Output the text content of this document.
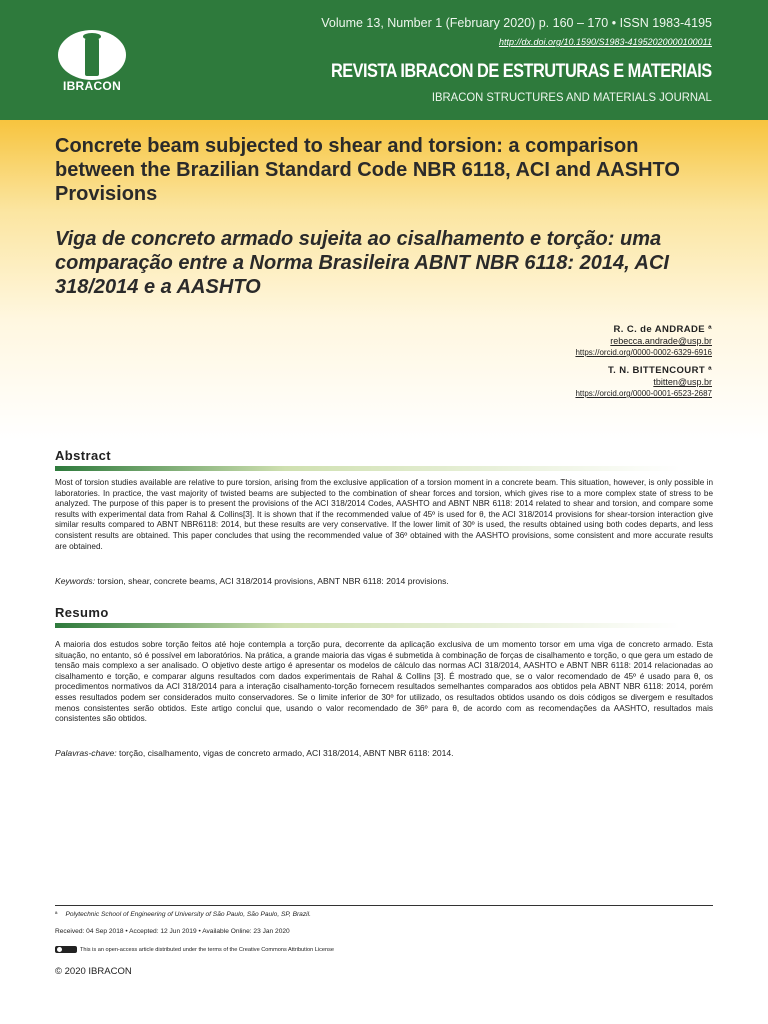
IBRACON
Volume 13, Number 1 (February 2020) p. 160 – 170 • ISSN 1983-4195
http://dx.doi.org/10.1590/S1983-41952020000100011
REVISTA IBRACON DE ESTRUTURAS E MATERIAIS
IBRACON STRUCTURES AND MATERIALS JOURNAL
Concrete beam subjected to shear and torsion: a comparison between the Brazilian Standard Code NBR 6118, ACI and AASHTO Provisions
Viga de concreto armado sujeita ao cisalhamento e torção: uma comparação entre a Norma Brasileira ABNT NBR 6118: 2014, ACI 318/2014 e a AASHTO
R. C. de ANDRADE ª
rebecca.andrade@usp.br
https://orcid.org/0000-0002-6329-6916
T. N. BITTENCOURT ª
tbitten@usp.br
https://orcid.org/0000-0001-6523-2687
Abstract

Most of torsion studies available are relative to pure torsion, arising from the exclusive application of a torsion moment in a concrete beam. This situation, however, is only possible in laboratories. In practice, the vast majority of twisted beams are subjected to the combination of shear forces and torsion, which gives rise to a more complex state of stress to be analyzed. The purpose of this paper is to present the provisions of the ACI 318/2014 Codes, AASHTO and ABNT NBR 6118: 2014 related to shear and torsion, and compare some results with experimental data from Rahal & Collins[3]. It is shown that if the recommended value of 45º is used for θ, the ACI 318/2014 provisions for shear-torsion interaction give similar results compared to ABNT NBR6118: 2014, but these results are very conservative. If the lower limit of 30º is used, the results obtained using both codes departs, and less consistent results are obtained. This paper concludes that using the recommended value of 36º obtained with the AASHTO provisions, some consistent and more accurate results are obtained.

Keywords: torsion, shear, concrete beams, ACI 318/2014 provisions, ABNT NBR 6118: 2014 provisions.
Resumo

A maioria dos estudos sobre torção feitos até hoje contempla a torção pura, decorrente da aplicação exclusiva de um momento torsor em uma viga de concreto armado. Esta situação, no entanto, só é possível em laboratórios. Na prática, a grande maioria das vigas é submetida à combinação de forças de cisalhamento e torção, o que gera um estado de tensão mais complexo a ser analisado. O objetivo deste artigo é apresentar os modelos de cálculo das normas ACI 318/2014, AASHTO e ABNT NBR 6118: 2014 relacionadas ao cisalhamento e torção, e comparar alguns resultados com dados experimentais de Rahal & Collins [3]. É mostrado que, se o valor recomendado de 45º é usado para θ, os procedimentos normativos da ACI 318/2014 para a interação cisalhamento-torção fornecem resultados semelhantes comparados aos obtidos pela ABNT NBR 6118: 2014, porém esses resultados podem ser considerados muito conservadores. Se o limite inferior de 30º for utilizado, os resultados obtidos usando os dois códigos se divergem e resultados menos consistentes serão obtidos. Este artigo conclui que, usando o valor recomendado de 36º para θ, de acordo com as recomendações da AASHTO, resultados mais consistentes são obtidos.

Palavras-chave: torção, cisalhamento, vigas de concreto armado, ACI 318/2014, ABNT NBR 6118: 2014.
ª Polytechnic School of Engineering of University of São Paulo, São Paulo, SP, Brazil.
Received: 04 Sep 2018 • Accepted: 12 Jun 2019 • Available Online: 23 Jan 2020
This is an open-access article distributed under the terms of the Creative Commons Attribution License
© 2020 IBRACON
